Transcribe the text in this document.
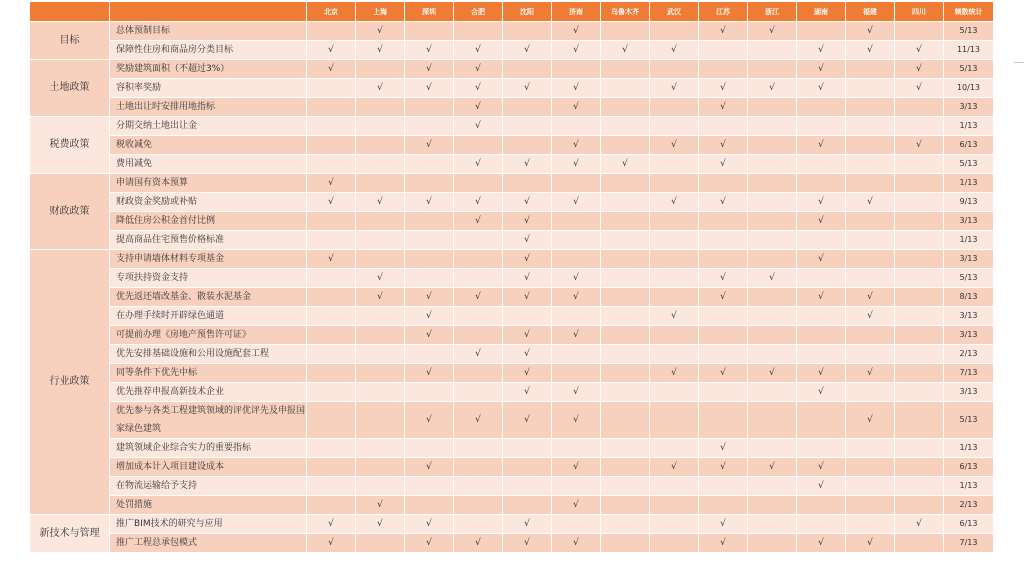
		北京	上海	深圳	合肥	沈阳	济南	乌鲁木齐	武汉	江苏	浙江	湖南	福建	四川	频数统计
目标	总体预制目标		√				√			√	√		√		5/13
	保障性住房和商品房分类目标	√	√	√	√	√	√	√	√			√	√	√	11/13
土地政策	奖励建筑面积（不超过3%）	√		√	√							√		√	5/13
	容积率奖励		√	√	√	√	√		√	√	√	√		√	10/13
	土地出让时安排用地指标				√		√			√					3/13
税费政策	分期交纳土地出让金				√										1/13
	税收减免			√			√		√	√		√		√	6/13
	费用减免				√	√	√	√		√					5/13
财政政策	申请国有资本预算	√													1/13
	财政资金奖励或补贴	√	√	√	√	√	√		√	√		√	√		9/13
	降低住房公积金首付比例				√	√						√			3/13
	提高商品住宅预售价格标准					√									1/13
行业政策	支持申请墙体材料专项基金	√				√						√			3/13
	专项扶持资金支持		√			√	√			√	√				5/13
	优先返还墙改基金、散装水泥基金		√	√	√	√	√			√		√	√		8/13
	在办理手续时开辟绿色通道			√					√				√		3/13
	可提前办理《房地产预售许可证》			√		√	√								3/13
	优先安排基础设施和公用设施配套工程				√	√									2/13
	同等条件下优先中标			√		√			√	√	√	√	√		7/13
	优先推荐申报高新技术企业					√	√					√			3/13
	优先参与各类工程建筑领域的评优评先及申报国家绿色建筑			√	√	√	√						√		5/13
	建筑领域企业综合实力的重要指标									√					1/13
	增加成本计入项目建设成本			√			√		√	√	√	√			6/13
	在物流运输给予支持											√			1/13
	处罚措施		√				√								2/13
新技术与管理	推广BIM技术的研究与应用	√	√	√		√				√				√	6/13
	推广工程总承包模式	√		√	√	√	√			√		√	√		7/13
